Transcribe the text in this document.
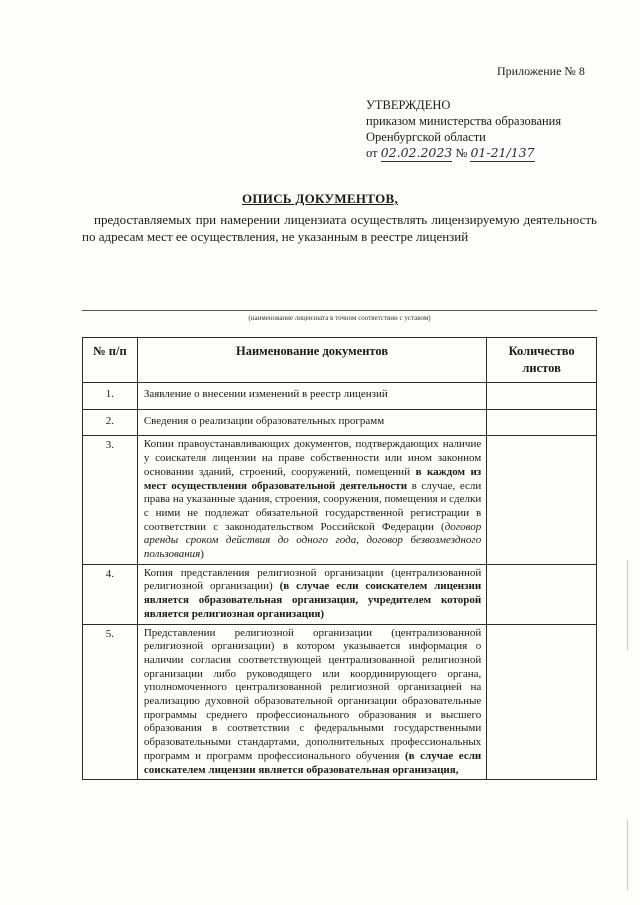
Приложение № 8
УТВЕРЖДЕНО
приказом министерства образования
Оренбургской области
от 02.02.2023 № 01-21/137
ОПИСЬ ДОКУМЕНТОВ,
предоставляемых при намерении лицензиата осуществлять лицензируемую деятельность по адресам мест ее осуществления, не указанным в реестре лицензий
(наименование лицензиата в точном соответствии с уставом)
№ п/п	Наименование документов	Количество листов
1.	Заявление о внесении изменений в реестр лицензий	
2.	Сведения о реализации образовательных программ	
3.	Копии правоустанавливающих документов, подтверждающих наличие у соискателя лицензии на праве собственности или ином законном основании зданий, строений, сооружений, помещений в каждом из мест осуществления образовательной деятельности в случае, если права на указанные здания, строения, сооружения, помещения и сделки с ними не подлежат обязательной государственной регистрации в соответствии с законодательством Российской Федерации (договор аренды сроком действия до одного года, договор безвозмездного пользования)	
4.	Копия представления религиозной организации (централизованной религиозной организации) (в случае если соискателем лицензии является образовательная организация, учредителем которой является религиозная организация)	
5.	Представлении религиозной организации (централизованной религиозной организации) в котором указывается информация о наличии согласия соответствующей централизованной религиозной организации либо руководящего или координирующего органа, уполномоченного централизованной религиозной организацией на реализацию духовной образовательной организации образовательные программы среднего профессионального образования и высшего образования в соответствии с федеральными государственными образовательными стандартами, дополнительных профессиональных программ и программ профессионального обучения (в случае если соискателем лицензии является образовательная организация,	
